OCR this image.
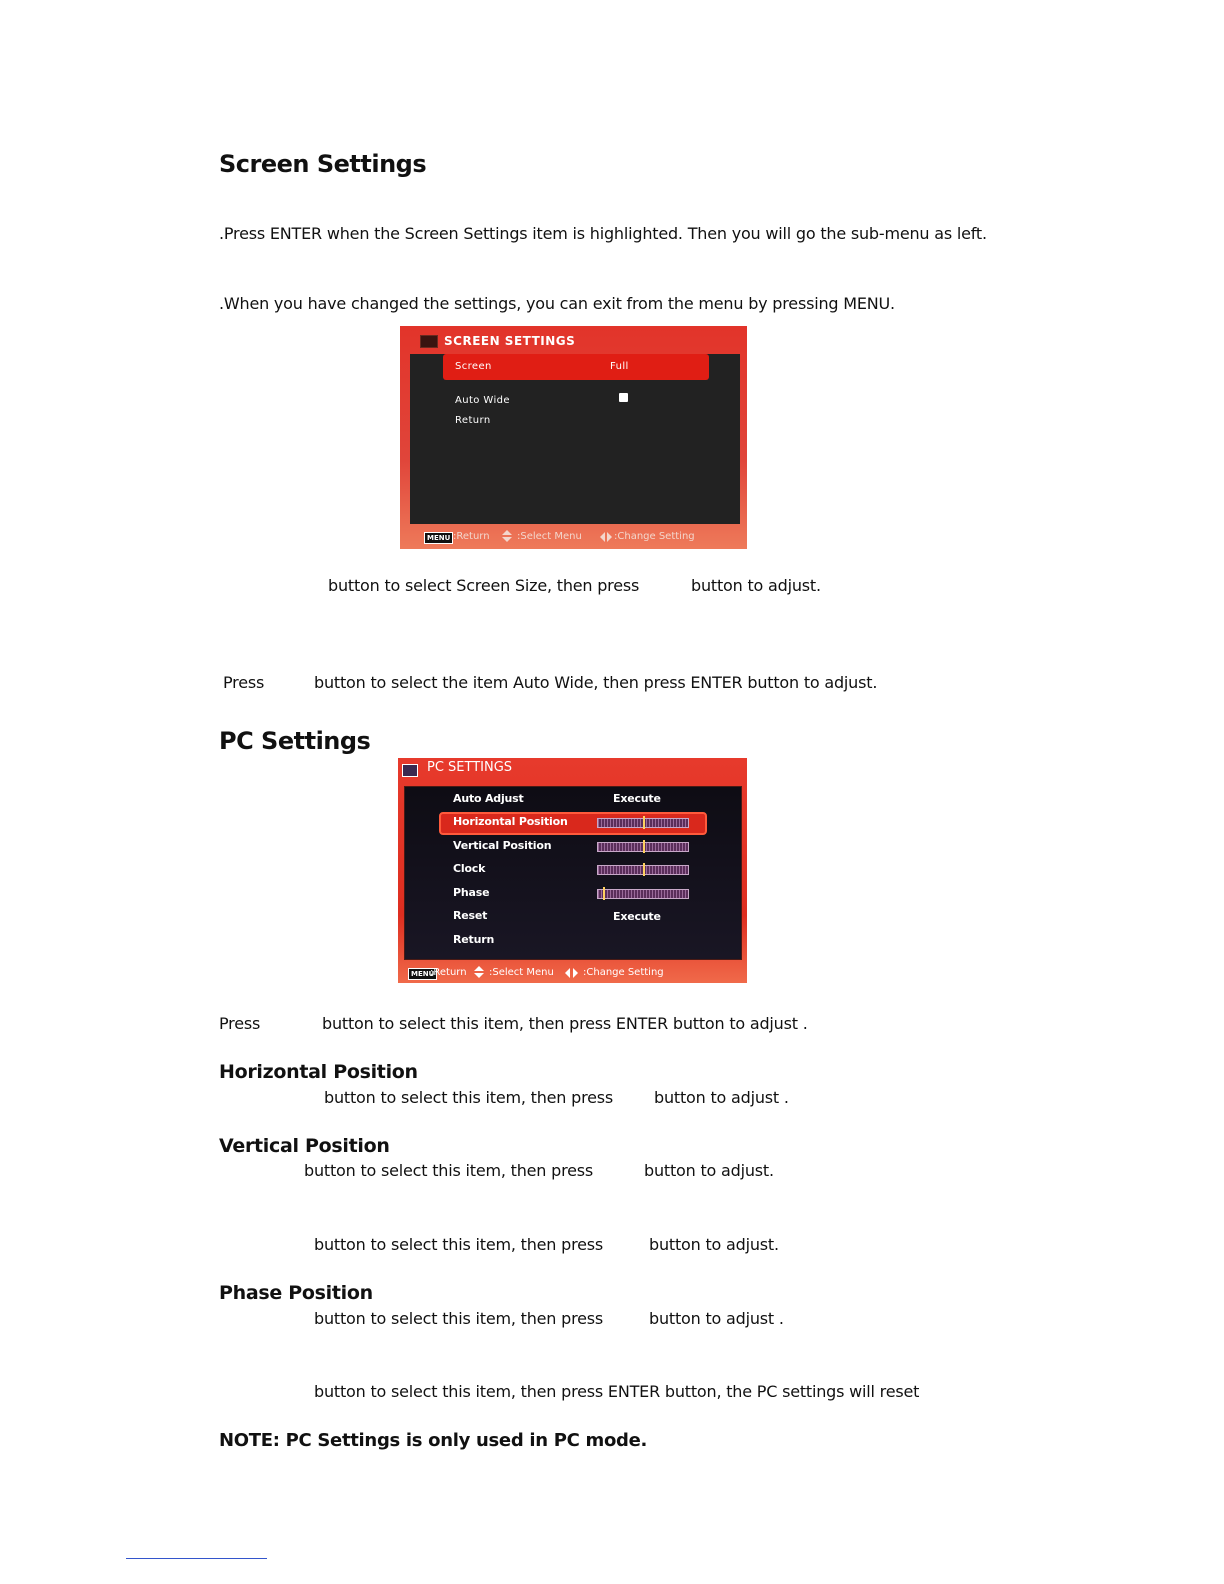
Screen Settings
.Press ENTER when the Screen Settings item is highlighted. Then you will go the sub-menu as left.
.When you have changed the settings, you can exit from the menu by pressing MENU.
SCREEN SETTINGS
Screen	Full
Auto Wide
Return
MENU :Return	:Select Menu	:Change Setting
button to select Screen Size, then press	button to adjust.
Press	button to select the item Auto Wide, then press ENTER button to adjust.
PC Settings
PC SETTINGS
Auto Adjust	Execute
Horizontal Position
Vertical Position
Clock
Phase
Reset	Execute
Return
MENU
:Return :Select Menu	:Change Setting
Press	button to select this item, then press ENTER button to adjust .
Horizontal Position
button to select this item, then press	button to adjust .
Vertical Position
button to select this item, then press	button to adjust.
button to select this item, then press	button to adjust.
Phase Position
button to select this item, then press	button to adjust .
button to select this item, then press ENTER button, the PC settings will reset
NOTE: PC Settings is only used in PC mode.
